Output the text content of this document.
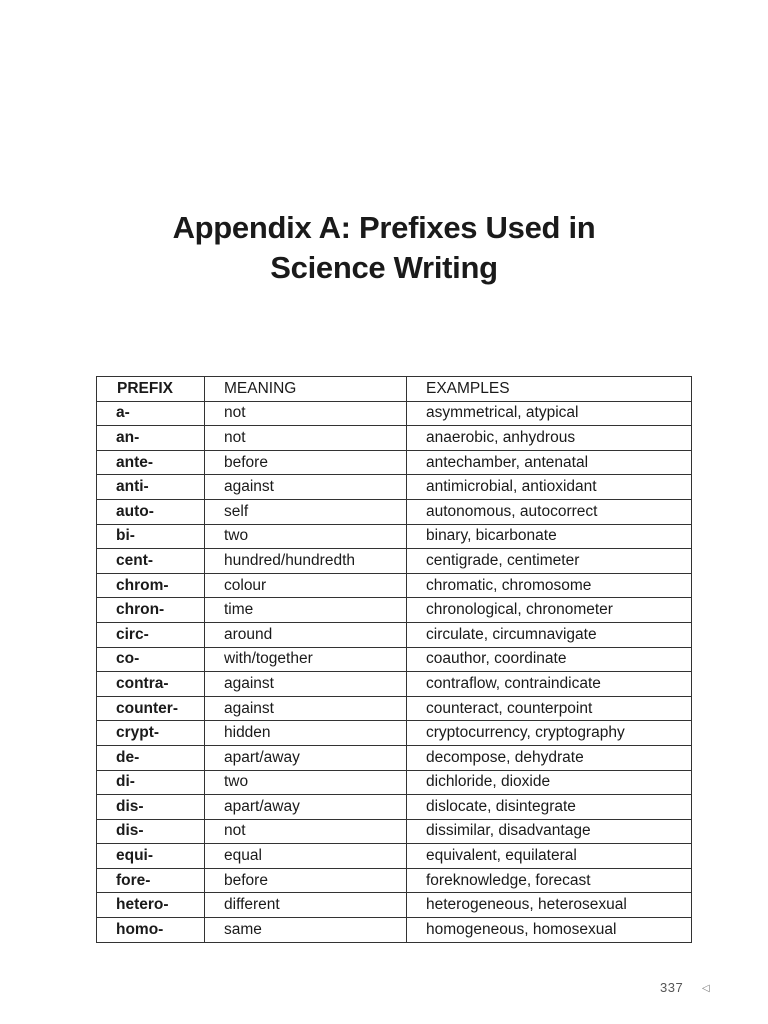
Appendix A: Prefixes Used in
Science Writing
PREFIX	MEANING	EXAMPLES
a-	not	asymmetrical, atypical
an-	not	anaerobic, anhydrous
ante-	before	antechamber, antenatal
anti-	against	antimicrobial, antioxidant
auto-	self	autonomous, autocorrect
bi-	two	binary, bicarbonate
cent-	hundred/hundredth	centigrade, centimeter
chrom-	colour	chromatic, chromosome
chron-	time	chronological, chronometer
circ-	around	circulate, circumnavigate
co-	with/together	coauthor, coordinate
contra-	against	contraflow, contraindicate
counter-	against	counteract, counterpoint
crypt-	hidden	cryptocurrency, cryptography
de-	apart/away	decompose, dehydrate
di-	two	dichloride, dioxide
dis-	apart/away	dislocate, disintegrate
dis-	not	dissimilar, disadvantage
equi-	equal	equivalent, equilateral
fore-	before	foreknowledge, forecast
hetero-	different	heterogeneous, heterosexual
homo-	same	homogeneous, homosexual
337 ◁
